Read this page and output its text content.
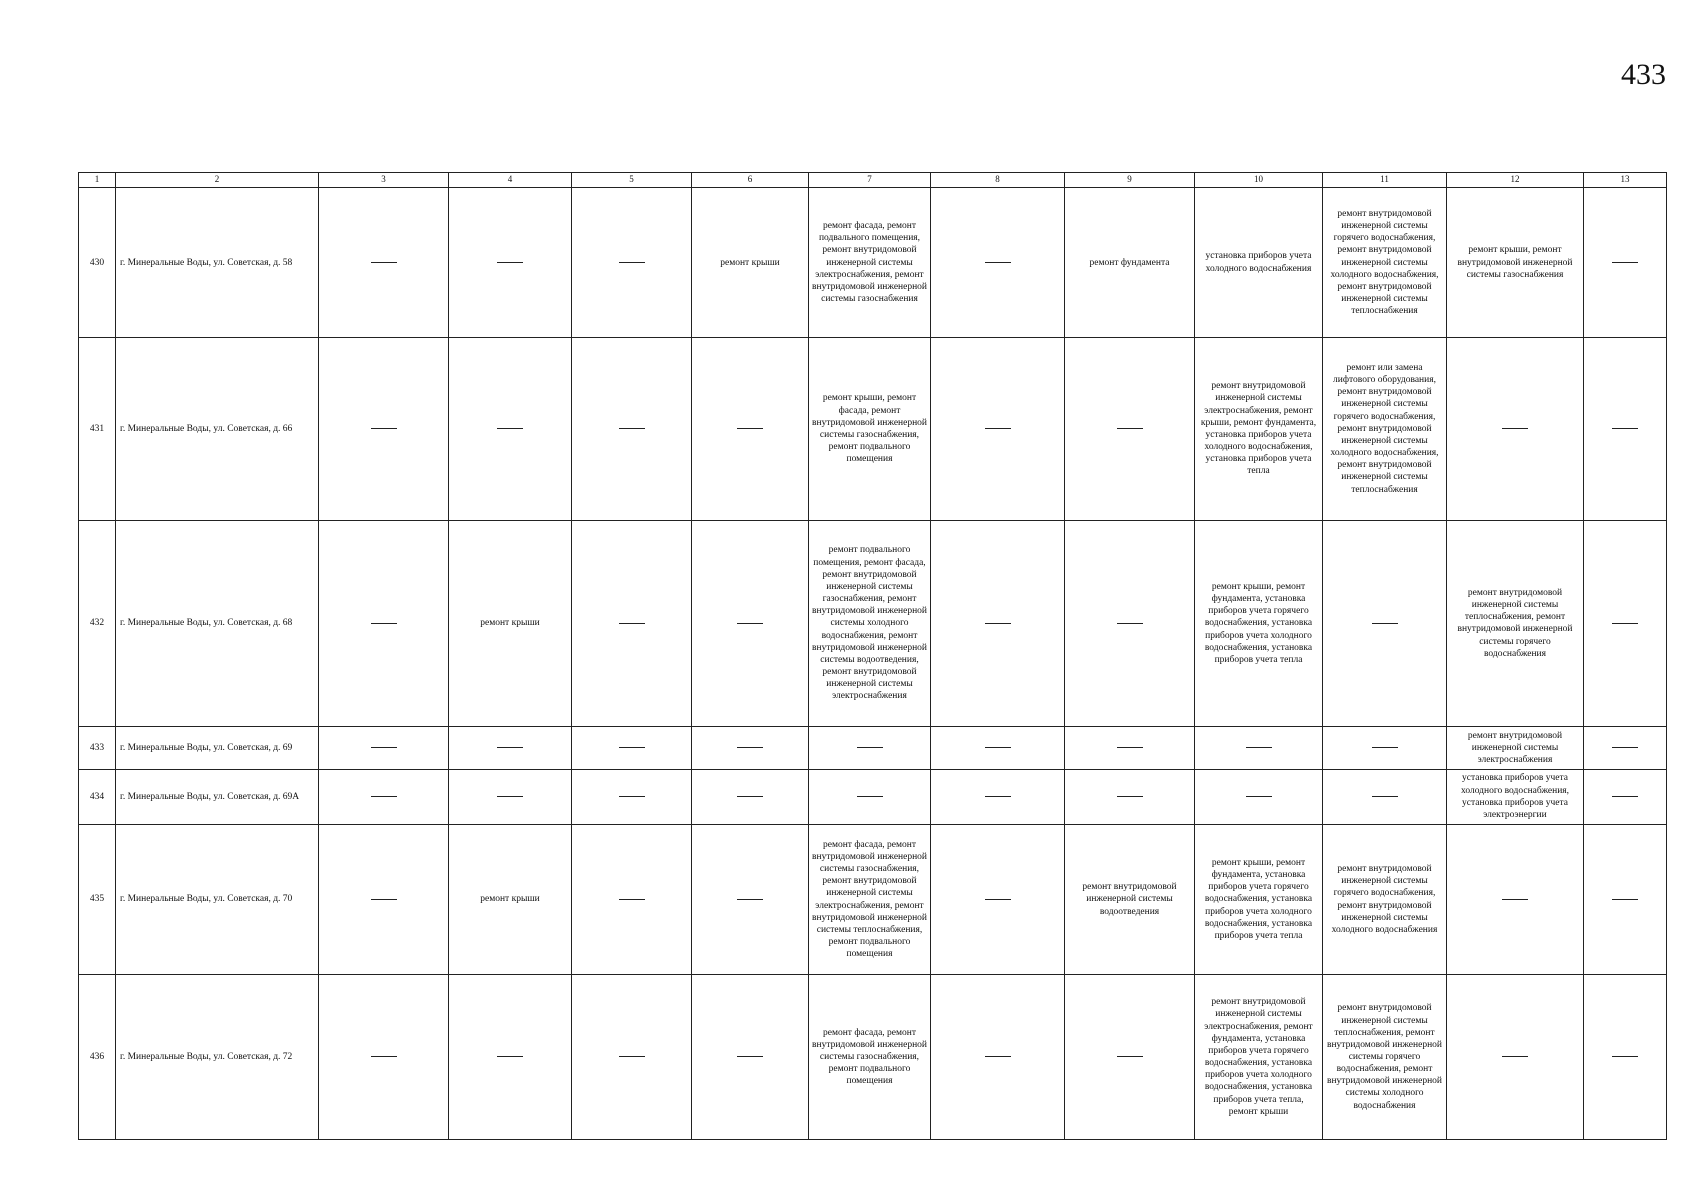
433
1	2	3	4	5	6	7	8	9	10	11	12	13
430	г. Минеральные Воды, ул. Советская, д. 58				ремонт крыши	ремонт фасада, ремонт подвального помещения, ремонт внутридомовой инженерной системы электроснабжения, ремонт внутридомовой инженерной системы газоснабжения		ремонт фундамента	установка приборов учета холодного водоснабжения	ремонт внутридомовой инженерной системы горячего водоснабжения, ремонт внутридомовой инженерной системы холодного водоснабжения, ремонт внутридомовой инженерной системы теплоснабжения	ремонт крыши, ремонт внутридомовой инженерной системы газоснабжения	
431	г. Минеральные Воды, ул. Советская, д. 66					ремонт крыши, ремонт фасада, ремонт внутридомовой инженерной системы газоснабжения, ремонт подвального помещения			ремонт внутридомовой инженерной системы электроснабжения, ремонт крыши, ремонт фундамента, установка приборов учета холодного водоснабжения, установка приборов учета тепла	ремонт или замена лифтового оборудования, ремонт внутридомовой инженерной системы горячего водоснабжения, ремонт внутридомовой инженерной системы холодного водоснабжения, ремонт внутридомовой инженерной системы теплоснабжения		
432	г. Минеральные Воды, ул. Советская, д. 68		ремонт крыши			ремонт подвального помещения, ремонт фасада, ремонт внутридомовой инженерной системы газоснабжения, ремонт внутридомовой инженерной системы холодного водоснабжения, ремонт внутридомовой инженерной системы водоотведения, ремонт внутридомовой инженерной системы электроснабжения			ремонт крыши, ремонт фундамента, установка приборов учета горячего водоснабжения, установка приборов учета холодного водоснабжения, установка приборов учета тепла		ремонт внутридомовой инженерной системы теплоснабжения, ремонт внутридомовой инженерной системы горячего водоснабжения	
433	г. Минеральные Воды, ул. Советская, д. 69										ремонт внутридомовой инженерной системы электроснабжения	
434	г. Минеральные Воды, ул. Советская, д. 69А										установка приборов учета холодного водоснабжения, установка приборов учета электроэнергии	
435	г. Минеральные Воды, ул. Советская, д. 70		ремонт крыши			ремонт фасада, ремонт внутридомовой инженерной системы газоснабжения, ремонт внутридомовой инженерной системы электроснабжения, ремонт внутридомовой инженерной системы теплоснабжения, ремонт подвального помещения		ремонт внутридомовой инженерной системы водоотведения	ремонт крыши, ремонт фундамента, установка приборов учета горячего водоснабжения, установка приборов учета холодного водоснабжения, установка приборов учета тепла	ремонт внутридомовой инженерной системы горячего водоснабжения, ремонт внутридомовой инженерной системы холодного водоснабжения		
436	г. Минеральные Воды, ул. Советская, д. 72					ремонт фасада, ремонт внутридомовой инженерной системы газоснабжения, ремонт подвального помещения			ремонт внутридомовой инженерной системы электроснабжения, ремонт фундамента, установка приборов учета горячего водоснабжения, установка приборов учета холодного водоснабжения, установка приборов учета тепла, ремонт крыши	ремонт внутридомовой инженерной системы теплоснабжения, ремонт внутридомовой инженерной системы горячего водоснабжения, ремонт внутридомовой инженерной системы холодного водоснабжения		
